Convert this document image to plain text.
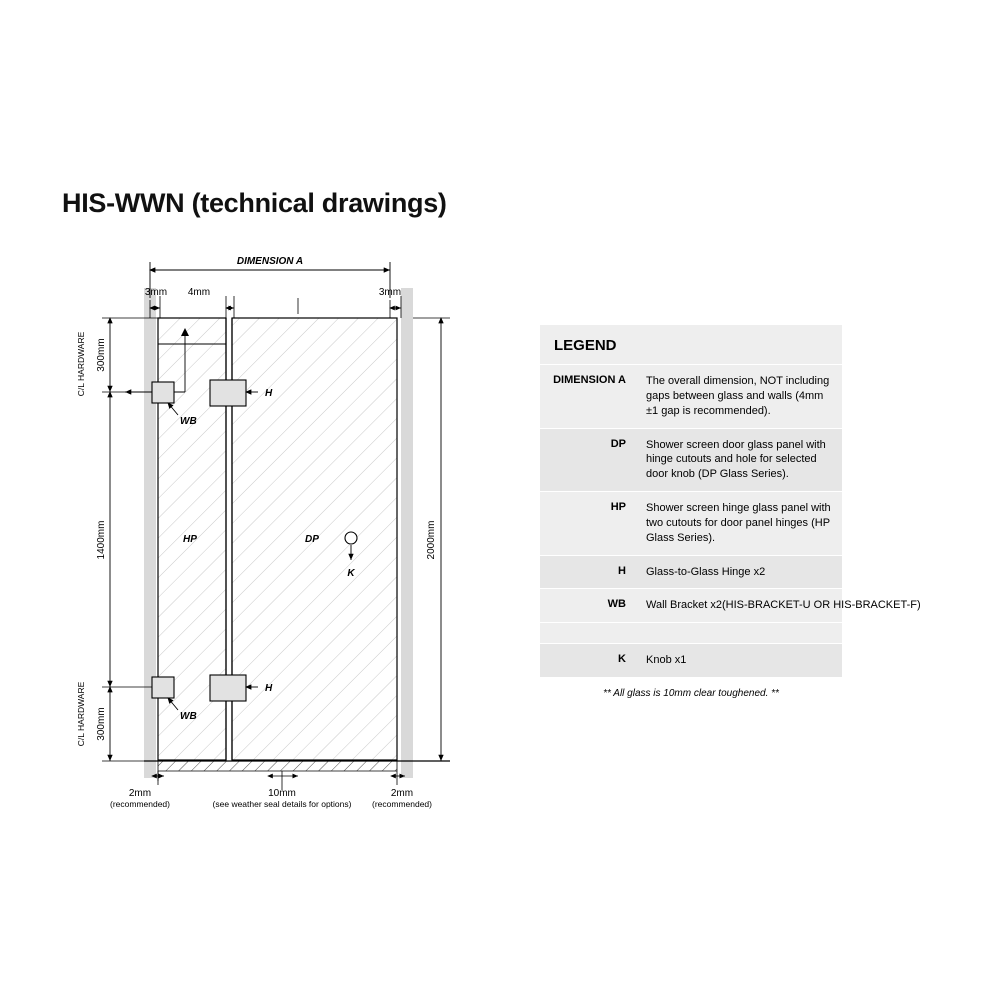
HIS-WWN (technical drawings)
DIMENSION A
3mm 4mm	3mm
2000mm
300mm
1400mm
300mm
C/L HARDWARE
C/L HARDWARE
H
WB
H
WB
K
HP	DP
2mm
(recommended)
10mm
(see weather seal details for options)
2mm
(recommended)
LEGEND
DIMENSION A	The overall dimension, NOT including gaps between glass and walls (4mm ±1 gap is recommended).
DP	Shower screen door glass panel with hinge cutouts and hole for selected door knob (DP Glass Series).
HP	Shower screen hinge glass panel with two cutouts for door panel hinges (HP Glass Series).
H	Glass-to-Glass Hinge x2
WB	Wall Bracket x2(HIS-BRACKET-U OR HIS-BRACKET-F)
K	Knob x1
** All glass is 10mm clear toughened. **
